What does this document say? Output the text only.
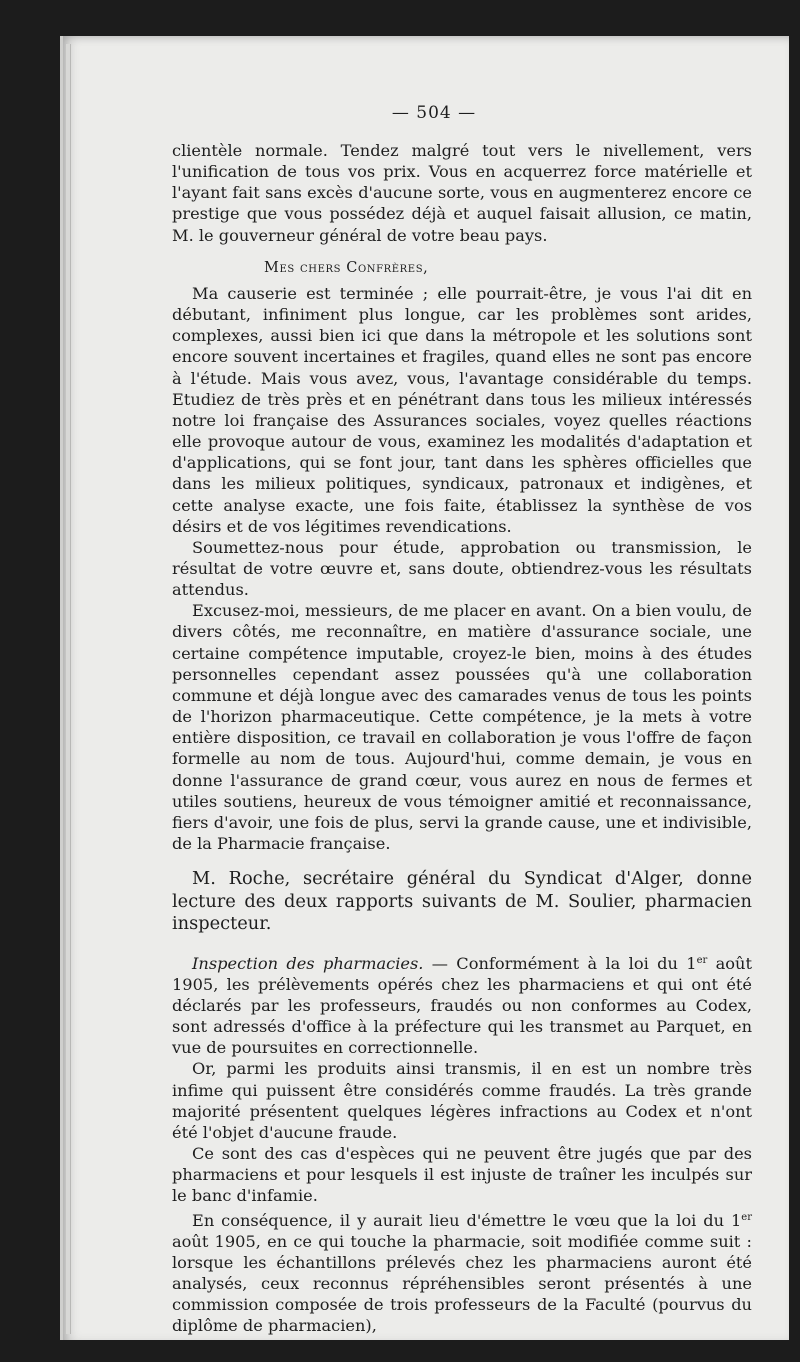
— 504 —

clientèle normale. Tendez malgré tout vers le nivellement, vers l'unification de tous vos prix. Vous en acquerrez force matérielle et l'ayant fait sans excès d'aucune sorte, vous en augmenterez encore ce prestige que vous possédez déjà et auquel faisait allusion, ce matin, M. le gouverneur général de votre beau pays.

Mes chers Confrères,

Ma causerie est terminée ; elle pourrait-être, je vous l'ai dit en débutant, infiniment plus longue, car les problèmes sont arides, complexes, aussi bien ici que dans la métropole et les solutions sont encore souvent incertaines et fragiles, quand elles ne sont pas encore à l'étude. Mais vous avez, vous, l'avantage considérable du temps. Etudiez de très près et en pénétrant dans tous les milieux intéressés notre loi française des Assurances sociales, voyez quelles réactions elle provoque autour de vous, examinez les modalités d'adaptation et d'applications, qui se font jour, tant dans les sphères officielles que dans les milieux politiques, syndicaux, patronaux et indigènes, et cette analyse exacte, une fois faite, établissez la synthèse de vos désirs et de vos légitimes revendications.

Soumettez-nous pour étude, approbation ou transmission, le résultat de votre œuvre et, sans doute, obtiendrez-vous les résultats attendus.

Excusez-moi, messieurs, de me placer en avant. On a bien voulu, de divers côtés, me reconnaître, en matière d'assurance sociale, une certaine compétence imputable, croyez-le bien, moins à des études personnelles cependant assez poussées qu'à une collaboration commune et déjà longue avec des camarades venus de tous les points de l'horizon pharmaceutique. Cette compétence, je la mets à votre entière disposition, ce travail en collaboration je vous l'offre de façon formelle au nom de tous. Aujourd'hui, comme demain, je vous en donne l'assurance de grand cœur, vous aurez en nous de fermes et utiles soutiens, heureux de vous témoigner amitié et reconnaissance, fiers d'avoir, une fois de plus, servi la grande cause, une et indivisible, de la Pharmacie française.

M. Roche, secrétaire général du Syndicat d'Alger, donne lecture des deux rapports suivants de M. Soulier, pharmacien inspecteur.

Inspection des pharmacies. — Conformément à la loi du 1er août 1905, les prélèvements opérés chez les pharmaciens et qui ont été déclarés par les professeurs, fraudés ou non conformes au Codex, sont adressés d'office à la préfecture qui les transmet au Parquet, en vue de poursuites en correctionnelle.

Or, parmi les produits ainsi transmis, il en est un nombre très infime qui puissent être considérés comme fraudés. La très grande majorité présentent quelques légères infractions au Codex et n'ont été l'objet d'aucune fraude.

Ce sont des cas d'espèces qui ne peuvent être jugés que par des pharmaciens et pour lesquels il est injuste de traîner les inculpés sur le banc d'infamie.

En conséquence, il y aurait lieu d'émettre le vœu que la loi du 1er août 1905, en ce qui touche la pharmacie, soit modifiée comme suit : lorsque les échantillons prélevés chez les pharmaciens auront été analysés, ceux reconnus répréhensibles seront présentés à une commission composée de trois professeurs de la Faculté (pourvus du diplôme de pharmacien),
